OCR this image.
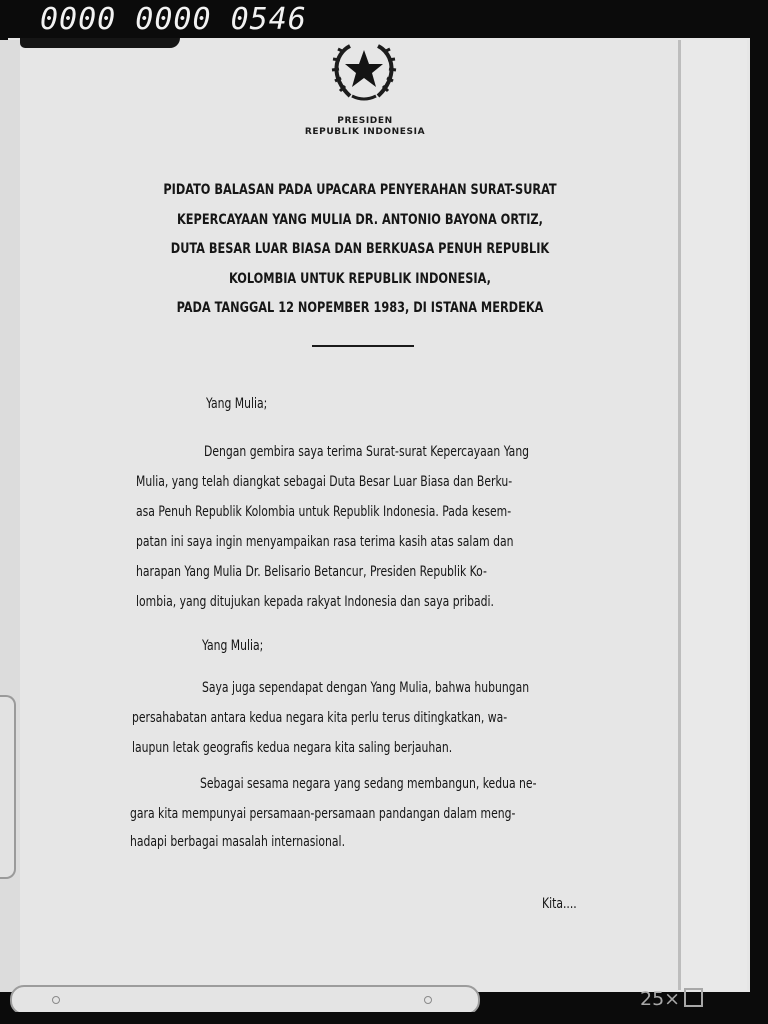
0000 0000 0546
PRESIDEN
REPUBLIK INDONESIA
PIDATO BALASAN PADA UPACARA PENYERAHAN SURAT-SURAT
KEPERCAYAAN YANG MULIA DR. ANTONIO BAYONA ORTIZ,
DUTA BESAR LUAR BIASA DAN BERKUASA PENUH REPUBLIK
KOLOMBIA UNTUK REPUBLIK INDONESIA,
PADA TANGGAL 12 NOPEMBER 1983, DI ISTANA MERDEKA
Yang Mulia;
Dengan gembira saya terima Surat-surat Kepercayaan Yang
Mulia, yang telah diangkat sebagai Duta Besar Luar Biasa dan Berku-
asa Penuh Republik Kolombia untuk Republik Indonesia. Pada kesem-
patan ini saya ingin menyampaikan rasa terima kasih atas salam dan
harapan Yang Mulia Dr. Belisario Betancur, Presiden Republik Ko-
lombia, yang ditujukan kepada rakyat Indonesia dan saya pribadi.
Yang Mulia;
Saya juga sependapat dengan Yang Mulia, bahwa hubungan
persahabatan antara kedua negara kita perlu terus ditingkatkan, wa-
laupun letak geografis kedua negara kita saling berjauhan.
Sebagai sesama negara yang sedang membangun, kedua ne-
gara kita mempunyai persamaan-persamaan pandangan dalam meng-
hadapi berbagai masalah internasional.
Kita....
25×
